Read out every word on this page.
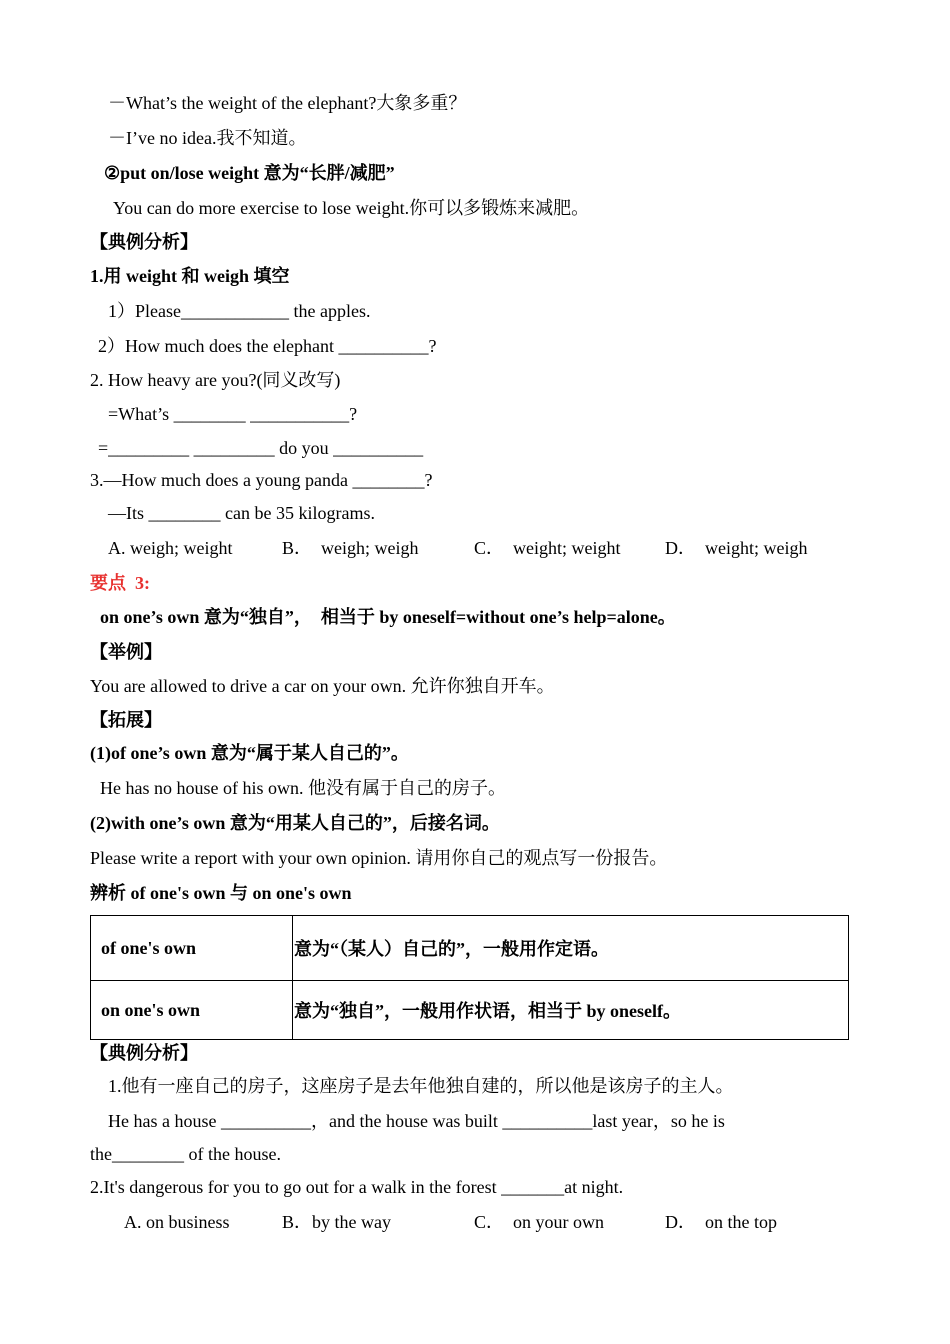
－What’s the weight of the elephant?大象多重？
－I’ve no idea.我不知道。
②put on/lose weight 意为“长胖/减肥”
You can do more exercise to lose weight.你可以多锻炼来减肥。
【典例分析】
1.用 weight 和 weigh 填空
1）Please____________ the apples.
2）How much does the elephant __________?
2. How heavy are you?(同义改写)
=What’s ________ ___________?
=_________ _________ do you __________
3.—How much does a young panda ________?
—Its ________ can be 35 kilograms.
A. weigh; weight	B．  weigh; weigh	C．  weight; weight D．  weight; weigh
要点  3:
on one’s own 意为“独自”，  相当于 by oneself=without one’s help=alone。
【举例】
You are allowed to drive a car on your own. 允许你独自开车。
【拓展】
(1)of one’s own 意为“属于某人自己的”。
He has no house of his own. 他没有属于自己的房子。
(2)with one’s own 意为“用某人自己的”，后接名词。
Please write a report with your own opinion. 请用你自己的观点写一份报告。
辨析 of one's own 与 on one's own
of one's own	意为“（某人）自己的”，一般用作定语。
on one's own	意为“独自”，一般用作状语，相当于 by oneself。
【典例分析】
1.他有一座自己的房子，这座房子是去年他独自建的，所以他是该房子的主人。
He has a house __________，and the house was built __________last year，so he is
the________ of the house.
2.It's dangerous for you to go out for a walk in the forest _______at night.
A. on business	B．by the way	C．  on your own	D．  on the top
